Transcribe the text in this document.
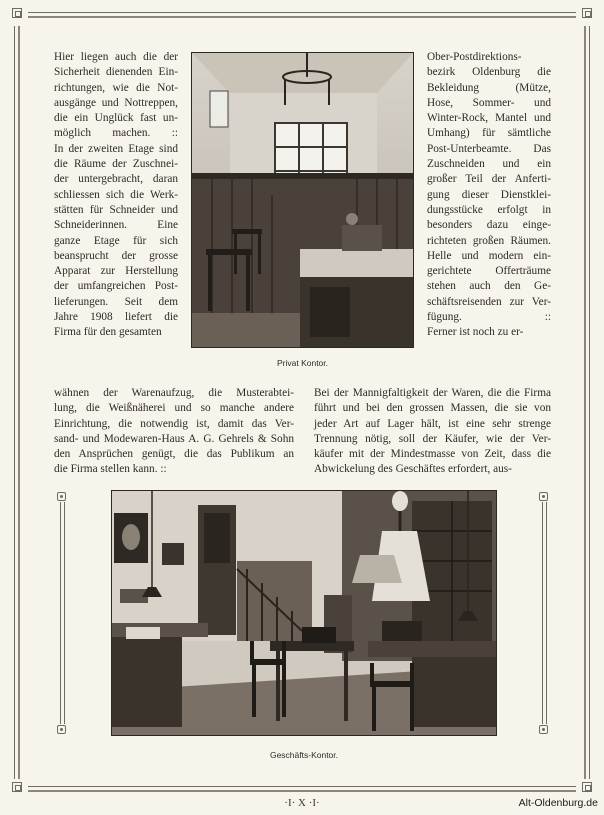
Hier liegen auch die der
Sicherheit dienenden Ein-
richtungen, wie die Not-
ausgänge und Nottreppen,
die ein Unglück fast un-
möglich machen. ::
In der zweiten Etage sind
die Räume der Zuschnei-
der untergebracht, daran
schliessen sich die Werk-
stätten für Schneider und
Schneiderinnen. Eine
ganze Etage für sich
beansprucht der grosse
Apparat zur Herstellung
der umfangreichen Post-
lieferungen. Seit dem
Jahre 1908 liefert die
Firma für den gesamten
Privat Kontor.
Ober-Postdirektions-
bezirk Oldenburg die
Bekleidung (Mütze,
Hose, Sommer- und
Winter-Rock, Mantel und
Umhang) für sämtliche
Post-Unterbeamte. Das
Zuschneiden und ein
großer Teil der Anferti-
gung dieser Dienstklei-
dungsstücke erfolgt in
besonders dazu einge-
richteten großen Räumen.
Helle und modern ein-
gerichtete Offerträume
stehen auch den Ge-
schäftsreisenden zur Ver-
fügung. ::
Ferner ist noch zu er-
wähnen der Warenaufzug, die Musterabtei-
lung, die Weißnäherei und so manche andere
Einrichtung, die notwendig ist, damit das Ver-
sand- und Modewaren-Haus A. G. Gehrels & Sohn
den Ansprüchen genügt, die das Publikum an
die Firma stellen kann. ::
Bei der Mannigfaltigkeit der Waren, die die Firma
führt und bei den grossen Massen, die sie von
jeder Art auf Lager hält, ist eine sehr strenge
Trennung nötig, soll der Käufer, wie der Ver-
käufer mit der Mindestmasse von Zeit, dass die
Abwickelung des Geschäftes erfordert, aus-
Geschäfts-Kontor.
·I· X ·I·	Alt-Oldenburg.de
